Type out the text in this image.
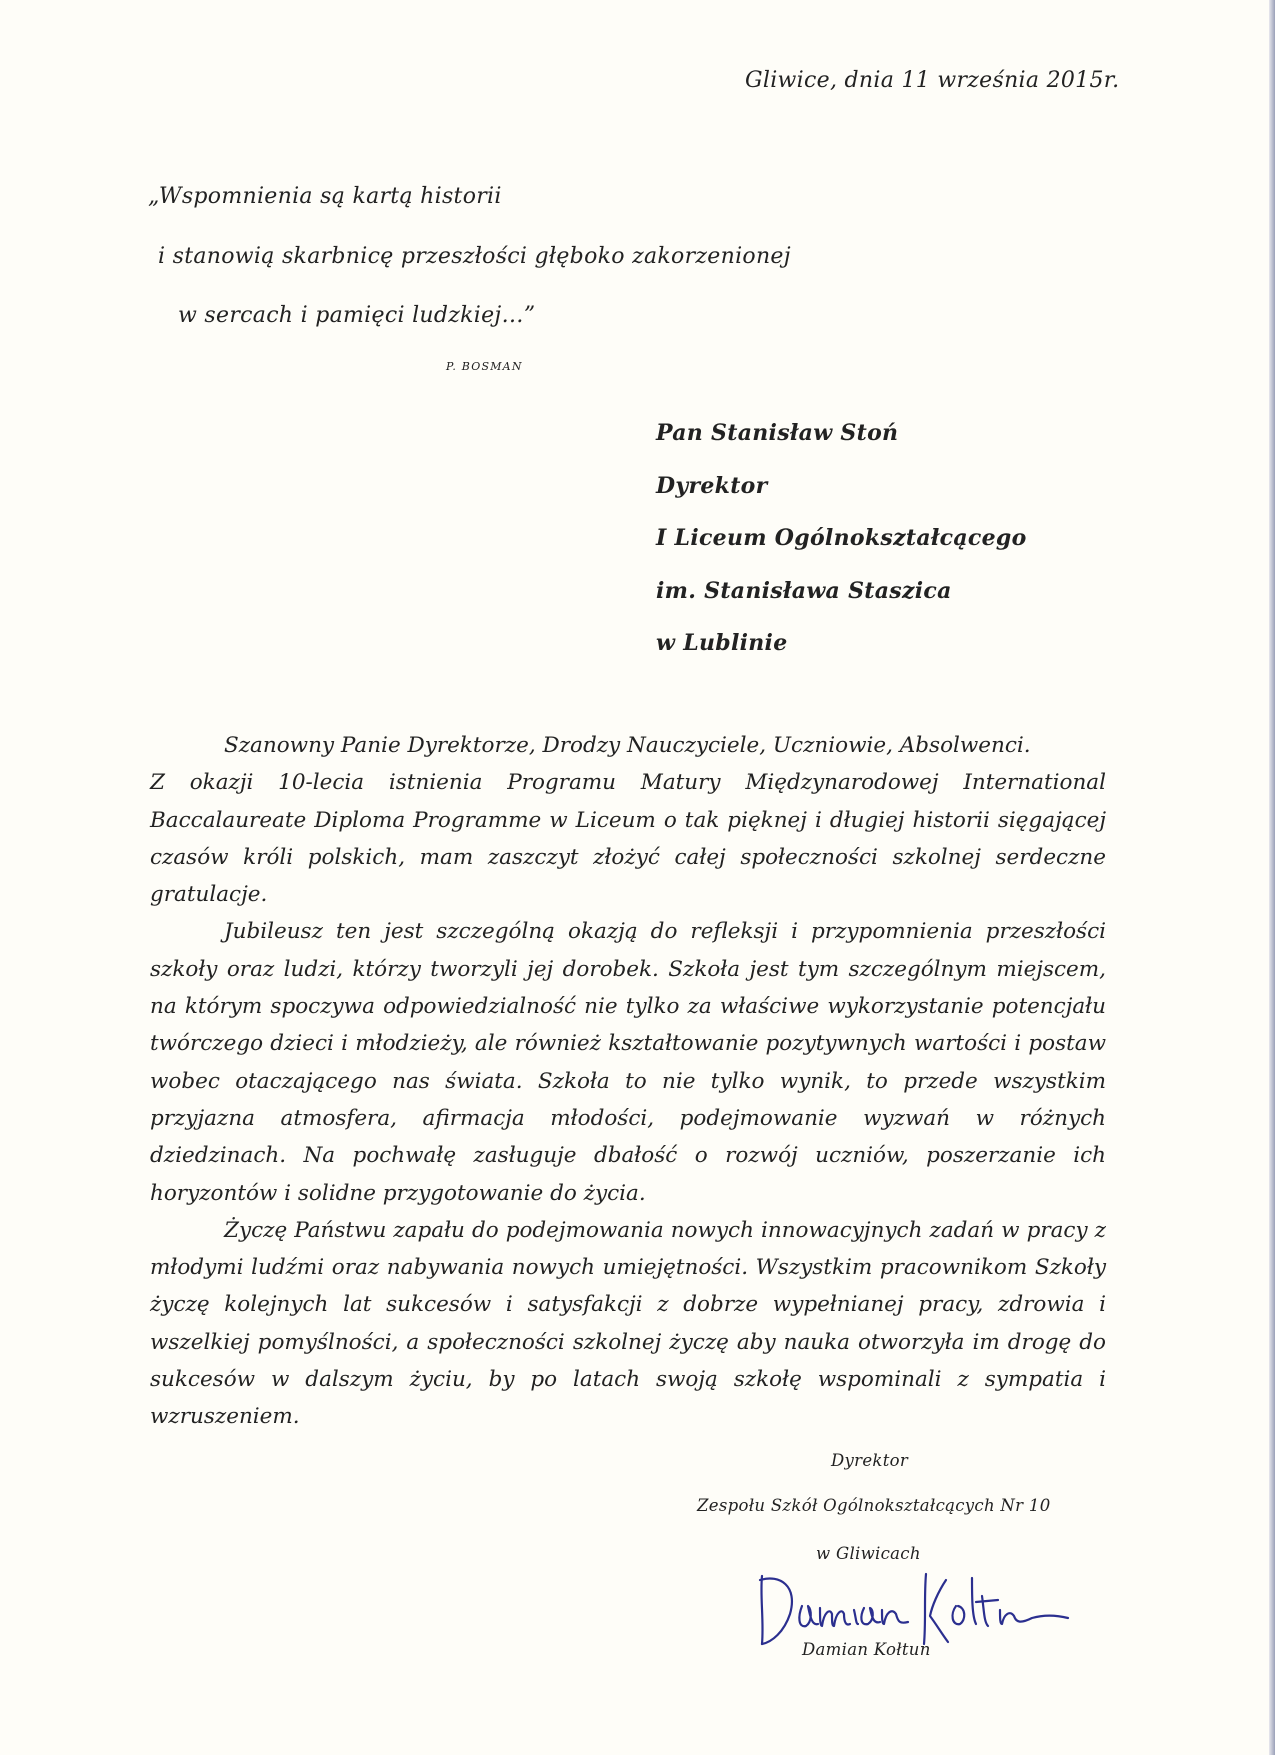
Gliwice, dnia 11 września 2015r.
„Wspomnienia są kartą historii
i stanowią skarbnicę przeszłości głęboko zakorzenionej
w sercach i pamięci ludzkiej…”
P. BOSMAN
Pan Stanisław Stoń
Dyrektor
I Liceum Ogólnokształcącego
im. Stanisława Staszica
w Lublinie

Szanowny Panie Dyrektorze, Drodzy Nauczyciele, Uczniowie, Absolwenci.

Z okazji 10-lecia istnienia Programu Matury Międzynarodowej International Baccalaureate Diploma Programme w Liceum o tak pięknej i długiej historii sięgającej czasów króli polskich, mam zaszczyt złożyć całej społeczności szkolnej serdeczne gratulacje.

Jubileusz ten jest szczególną okazją do refleksji i przypomnienia przeszłości szkoły oraz ludzi, którzy tworzyli jej dorobek. Szkoła jest tym szczególnym miejscem, na którym spoczywa odpowiedzialność nie tylko za właściwe wykorzystanie potencjału twórczego dzieci i młodzieży, ale również kształtowanie pozytywnych wartości i postaw wobec otaczającego nas świata. Szkoła to nie tylko wynik, to przede wszystkim przyjazna atmosfera, afirmacja młodości, podejmowanie wyzwań w różnych dziedzinach. Na pochwałę zasługuje dbałość o rozwój uczniów, poszerzanie ich horyzontów i solidne przygotowanie do życia.

Życzę Państwu zapału do podejmowania nowych innowacyjnych zadań w pracy z młodymi ludźmi oraz nabywania nowych umiejętności. Wszystkim pracownikom Szkoły życzę kolejnych lat sukcesów i satysfakcji z dobrze wypełnianej pracy, zdrowia i wszelkiej pomyślności, a społeczności szkolnej życzę aby nauka otworzyła im drogę do sukcesów w dalszym życiu, by po latach swoją szkołę wspominali z sympatia i wzruszeniem.

Dyrektor
Zespołu Szkół Ogólnokształcących Nr 10
w Gliwicach
Damian Kołtun
